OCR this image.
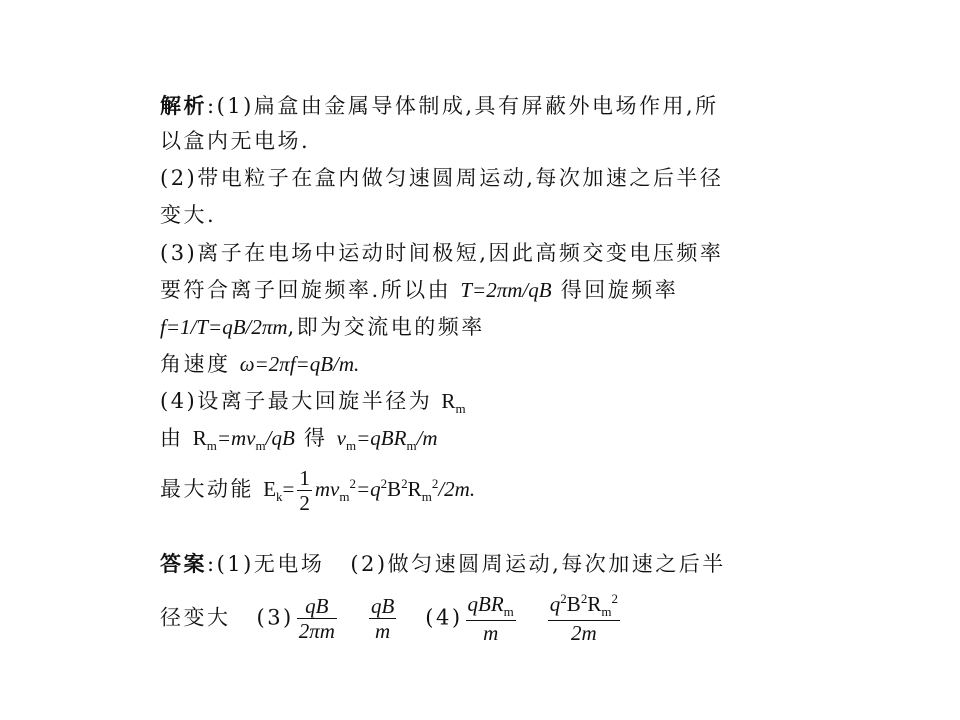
解析:(1)扁盒由金属导体制成,具有屏蔽外电场作用,所
以盒内无电场.
(2)带电粒子在盒内做匀速圆周运动,每次加速之后半径
变大.
(3)离子在电场中运动时间极短,因此高频交变电压频率
要符合离子回旋频率.所以由 T=2πm/qB 得回旋频率
f=1/T=qB/2πm,即为交流电的频率
角速度 ω=2πf=qB/m.
(4)设离子最大回旋半径为 $R_m$
由 $R_m=mv_m/qB$ 得 $v_m=qBR_m/m$
最大动能 $E_k= \frac{1}{2} mv_m^2=q^2B^2R_m^2/2m$.
答案:(1)无电场 (2)做匀速圆周运动,每次加速之后半
径变大 $(3) \frac{qB}{2\pi m} \frac{qB}{m} (4) \frac{qBR_m}{m} \frac{q^2B^2R_m^2}{2m}$
